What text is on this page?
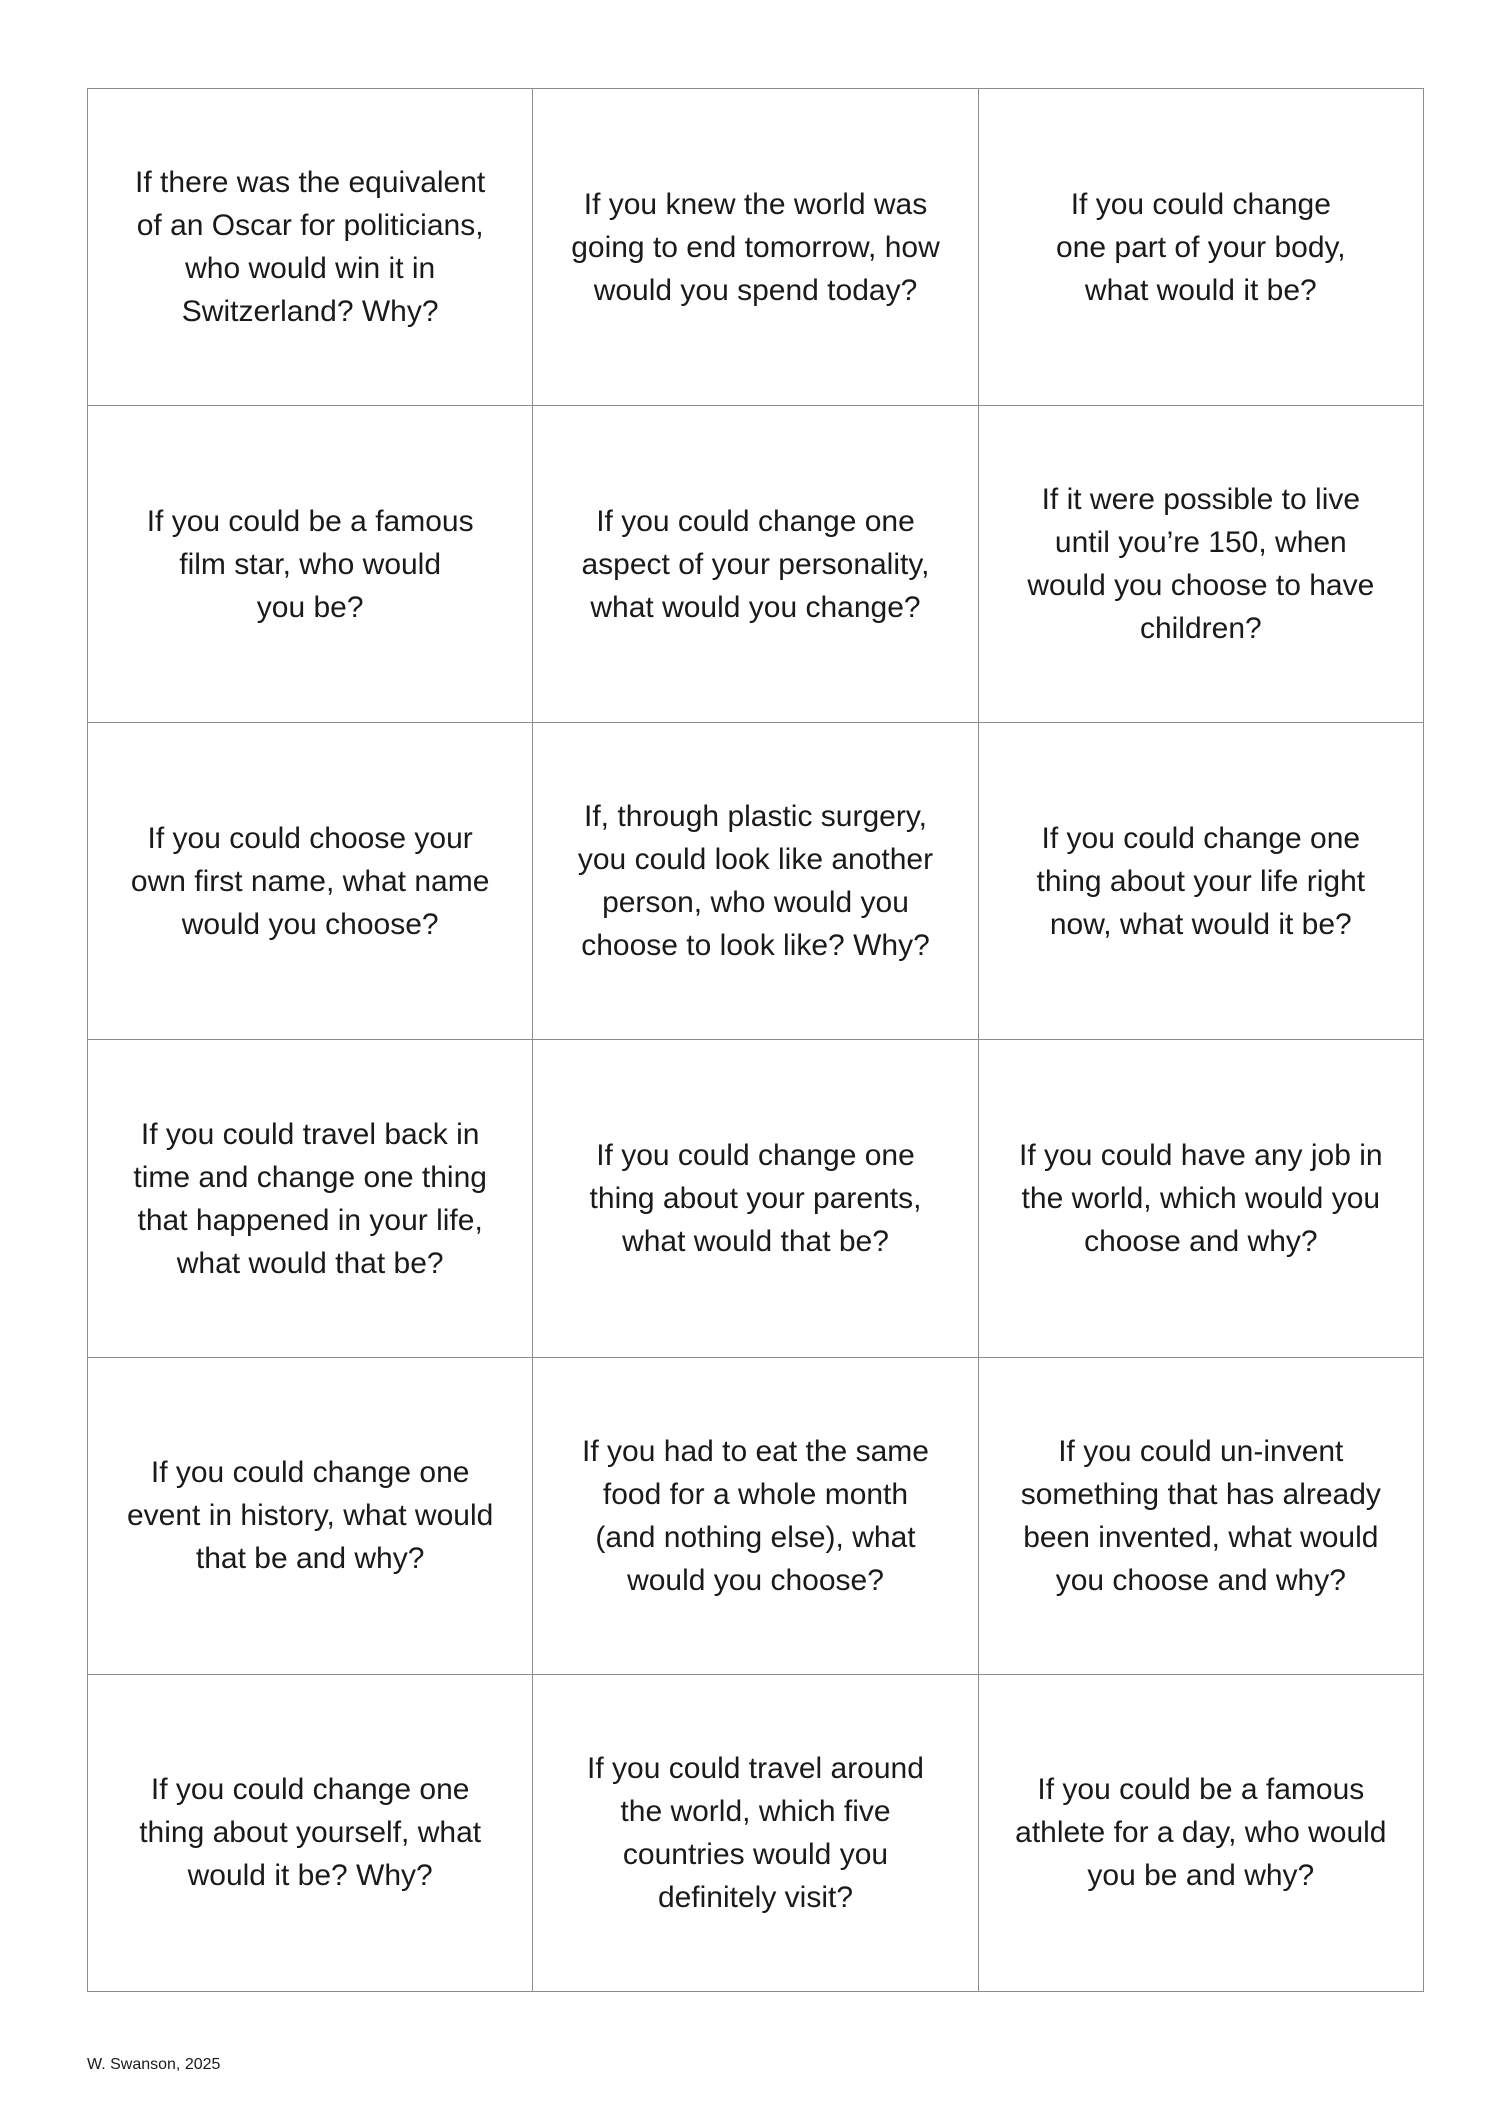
If there was the equivalent
of an Oscar for politicians,
who would win it in
Switzerland? Why?
If you knew the world was
going to end tomorrow, how
would you spend today?
If you could change
one part of your body,
what would it be?
If you could be a famous
film star, who would
you be?
If you could change one
aspect of your personality,
what would you change?
If it were possible to live
until you’re 150, when
would you choose to have
children?
If you could choose your
own first name, what name
would you choose?
If, through plastic surgery,
you could look like another
person, who would you
choose to look like? Why?
If you could change one
thing about your life right
now, what would it be?
If you could travel back in
time and change one thing
that happened in your life,
what would that be?
If you could change one
thing about your parents,
what would that be?
If you could have any job in
the world, which would you
choose and why?
If you could change one
event in history, what would
that be and why?
If you had to eat the same
food for a whole month
(and nothing else), what
would you choose?
If you could un-invent
something that has already
been invented, what would
you choose and why?
If you could change one
thing about yourself, what
would it be? Why?
If you could travel around
the world, which five
countries would you
definitely visit?
If you could be a famous
athlete for a day, who would
you be and why?
W. Swanson, 2025
